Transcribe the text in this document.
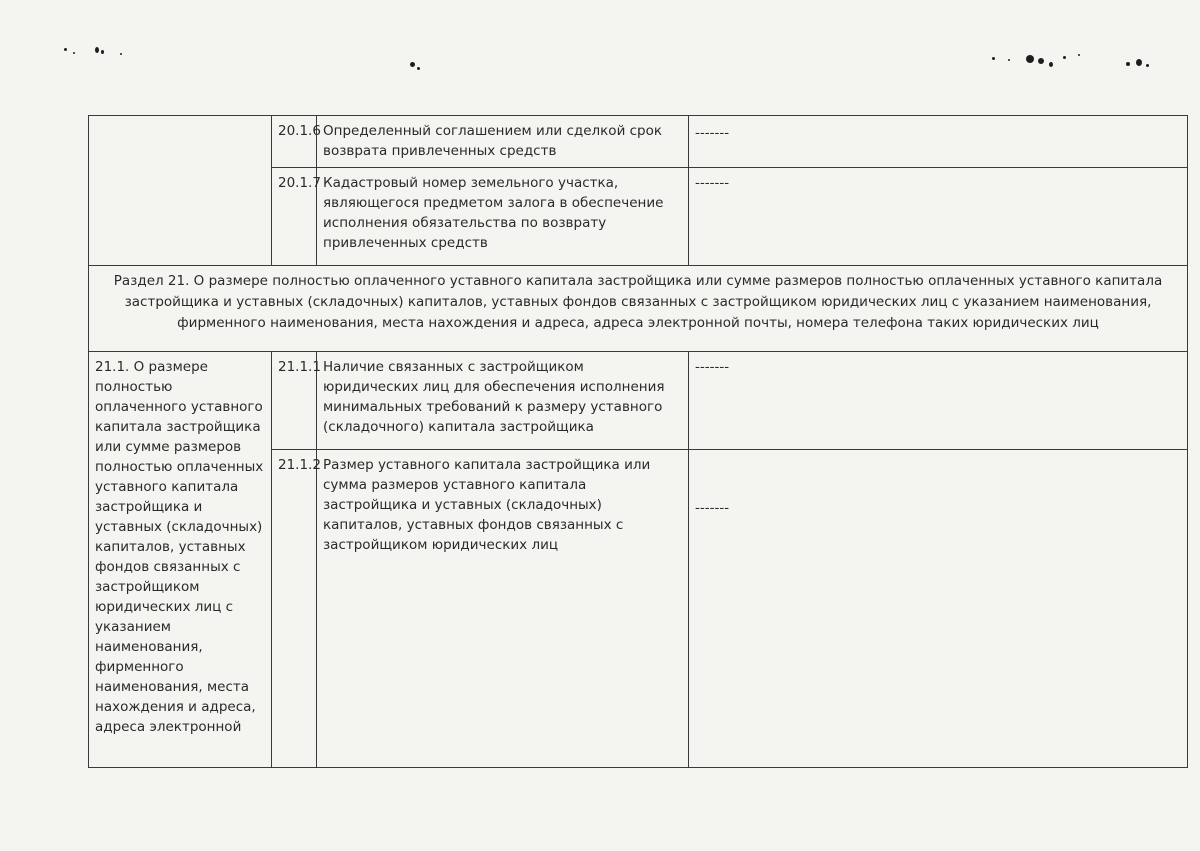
	20.1.6	Определенный соглашением или сделкой срок возврата привлеченных средств	-------
	20.1.7	Кадастровый номер земельного участка, являющегося предметом залога в обеспечение исполнения обязательства по возврату привлеченных средств	-------
Раздел 21. О размере полностью оплаченного уставного капитала застройщика или сумме размеров полностью оплаченных уставного капитала застройщика и уставных (складочных) капиталов, уставных фондов связанных с застройщиком юридических лиц с указанием наименования, фирменного наименования, места нахождения и адреса, адреса электронной почты, номера телефона таких юридических лиц			
21.1. О размере полностью оплаченного уставного капитала застройщика или сумме размеров полностью оплаченных уставного капитала застройщика и уставных (складочных) капиталов, уставных фондов связанных с застройщиком юридических лиц с указанием наименования, фирменного наименования, места нахождения и адреса, адреса электронной	21.1.1	Наличие связанных с застройщиком юридических лиц для обеспечения исполнения минимальных требований к размеру уставного (складочного) капитала застройщика	-------
	21.1.2	Размер уставного капитала застройщика или сумма размеров уставного капитала застройщика и уставных (складочных) капиталов, уставных фондов связанных с застройщиком юридических лиц	-------
